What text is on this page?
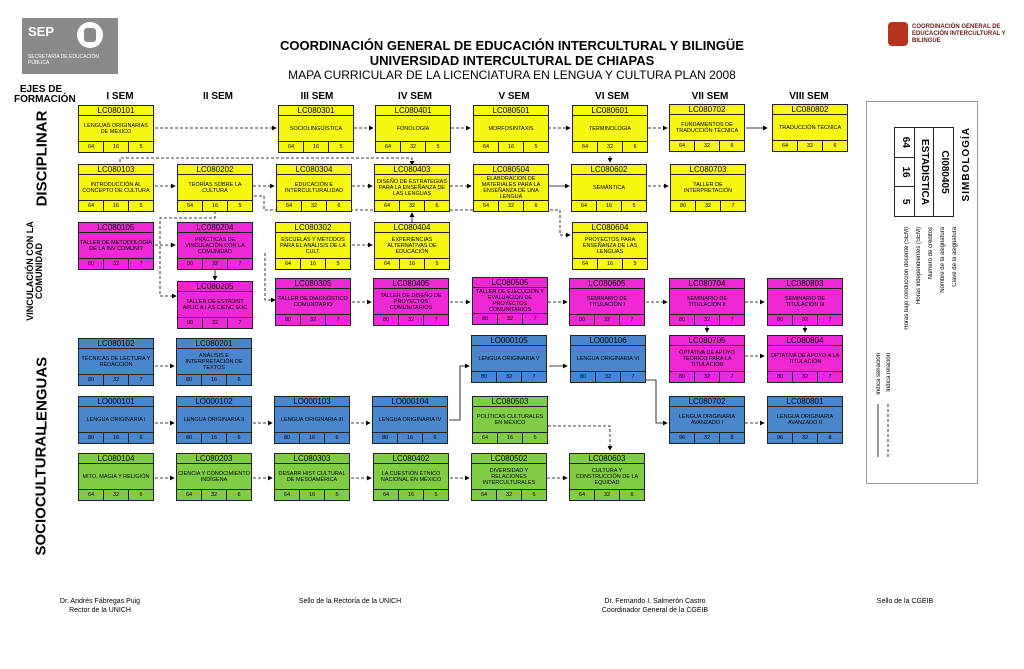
SEP
SECRETARÍA DE EDUCACIÓN PÚBLICA
COORDINACIÓN GENERAL DE EDUCACIÓN INTERCULTURAL Y BILINGUE
COORDINACIÓN GENERAL DE EDUCACIÓN INTERCULTURAL Y BILINGÜE
UNIVERSIDAD INTERCULTURAL DE CHIAPAS
MAPA CURRICULAR DE LA LICENCIATURA EN LENGUA Y CULTURA PLAN 2008
EJES DE FORMACIÓN	I SEM	II SEM	III SEM	IV SEM	V SEM	VI SEM	VII SEM	VIII SEM
DISCIPLINAR
VINCULACIÓN CON LA COMUNIDAD
LENGUAS
SOCIOCULTURAL
LC080101
LENGUAS ORIGINARIAS DE MÉXICO
64	16	5
LC080301
SOCIOLINGÜÍSTICA
64	16	5
LC080401
FONOLOGÍA
64	32	5
LC080501
MORFOSINTAXIS
64	16	5
LC080601
TERMINOLOGÍA
64	32	6
LC080702
FUNDAMENTOS DE TRADUCCIÓN TÉCNICA
64	32	6
LC080802
TRADUCCIÓN TÉCNICA
64	32	6
LC080103
INTRODUCCIÓN AL CONCEPTO DE CULTURA
64	16	5
LC080202
TEORÍAS SOBRE LA CULTURA
64	16	5
LC080304
EDUCACIÓN E INTERCULTURALIDAD
64	32	6
LC080403
DISEÑO DE ESTRATEGIAS PARA LA ENSEÑANZA DE LAS LENGUAS
64	32	6
LC080504
ELABORACIÓN DE MATERIALES PARA LA ENSEÑANZA DE UNA LENGUA
64	32	6
LC080602
SEMÁNTICA
64	16	5
LC080703
TALLER DE INTERPRETACIÓN
80	32	7
LC080105
TALLER DE METODOLOGÍA DE LA INV COMUNIT
80	32	7
LC080204
PRÁCTICAS DE VINCULACIÓN CON LA COMUNIDAD
80	32	7
LC080302
ESCUELAS Y MÉTODOS PARA EL ANÁLISIS DE LA CULT.
64	16	5
LC080404
EXPERIENCIAS ALTERNATIVAS DE EDUCACIÓN
64	16	5
LC080604
PROYECTOS PARA ENSEÑANZA DE LAS LENGUAS
64	16	5
LC080205
TALLER DE ESTADIST APLIC A LAS CIENC SOC
80	32	7
LC080305
TALLER DE DIAGNÓSTICO COMUNITARIO
80	32	7
LC080405
TALLER DE DISEÑO DE PROYECTOS COMUNITARIOS
80	32	7
LC080505
TALLER DE EJECUCIÓN Y EVALUACIÓN DE PROYECTOS COMUNITARIOS
80	32	7
LC080605
SEMINARIO DE TITULACIÓN I
80	32	7
LC080704
SEMINARIO DE TITULACIÓN II
80	32	7
LC080803
SEMINARIO DE TITULACIÓN III
80	32	7
LC080705
OPTATIVA DE APOYO TEÓRICO PARA LA TITULACIÓN
80	32	7
LC080804
OPTATIVA DE APOYO A LA TITULACIÓN
80	32	7
LC080102
TÉCNICAS DE LECTURA Y REDACCIÓN
80	32	7
LC080201
ANÁLISIS E INTERPRETACIÓN DE TEXTOS
80	16	6
LO000105
LENGUA ORIGINARIA V
80	32	7
LO000106
LENGUA ORIGINARIA VI
80	32	7
LO000101
LENGUA ORIGINARIA I
80	16	6
LO000102
LENGUA ORIGINARIA II
80	16	6
LO000103
LENGUA ORIGINARIA III
80	16	6
LO000104
LENGUA ORIGINARIA IV
80	16	6
LC080503
POLÍTICAS CULTURALES EN MÉXICO
64	16	5
LC080702
LENGUA ORIGINARIA AVANZADO I
96	32	8
LC080801
LENGUA ORIGINARIA AVANZADO II
96	32	8
LC080104
MITO, MAGIA Y RELIGIÓN
64	32	6
LC080203
CIENCIA Y CONOCIMIENTO INDÍGENA
64	32	6
LC080303
DESARR HIST CULTURAL DE MESOAMÉRICA
64	16	5
LC080402
LA CUESTIÓN ÉTNICO NACIONAL EN MÉXICO
64	16	5
LC080502
DIVERSIDAD Y RELACIONES INTERCULTURALES
64	32	6
LC080603
CULTURA Y CONSTRUCCIÓN DE LA EQUIDAD
64	32	6
SIMBOLOGÍA
CI080405
ESTADISTICA
64
16
5
Clave de la asignatura
Nombre de la asignatura
Número de créditos
Horas independientes (SEM)
Horas bajo conducción docente (SEM)
Indica relación
Indica seriación
Dr. Andrés Fábregas Puig
Rector de la UNICH
Sello de la Rectoría de la UNICH	Dr. Fernando I. Salmerón Castro
Coordinador General de la CGEIB
Sello de la CGEIB
